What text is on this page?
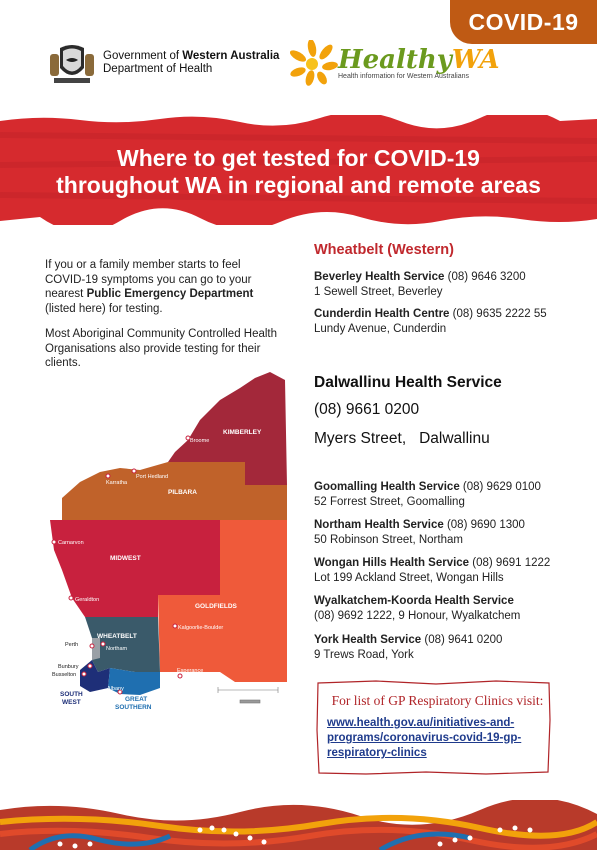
COVID-19
Government of Western Australia
Department of Health	HealthyWA
Health information for Western Australians
Where to get tested for COVID-19
throughout WA in regional and remote areas

If you or a family member starts to feel COVID-19 symptoms you can go to your nearest Public Emergency Department (listed here) for testing.

Most Aboriginal Community Controlled Health Organisations also provide testing for their clients.

Wheatbelt (Western)
Beverley Health Service (08) 9646 3200
1 Sewell Street, Beverley
Cunderdin Health Centre (08) 9635 2222 55
Lundy Avenue, Cunderdin
Dalwallinu Health Service
(08) 9661 0200
Myers Street,   Dalwallinu
Goomalling Health Service (08) 9629 0100
52 Forrest Street, Goomalling
Northam Health Service (08) 9690 1300
50 Robinson Street, Northam
Wongan Hills Health Service (08) 9691 1222
Lot 199 Ackland Street, Wongan Hills
Wyalkatchem-Koorda Health Service
(08) 9692 1222, 9 Honour, Wyalkatchem
York Health Service (08) 9641 0200
9 Trews Road, York
For list of GP Respiratory Clinics visit:
www.health.gov.au/initiatives-and-programs/coronavirus-covid-19-gp-respiratory-clinics
KIMBERLEY
PILBARA
MIDWEST
GOLDFIELDS
WHEATBELT
SOUTH
WEST	GREAT
SOUTHERN
Broome
Port Hedland
Karratha
Carnarvon
Geraldton
Kalgoorlie-Boulder
Perth
Northam
Bunbury
Busselton
Albany
Esperance
